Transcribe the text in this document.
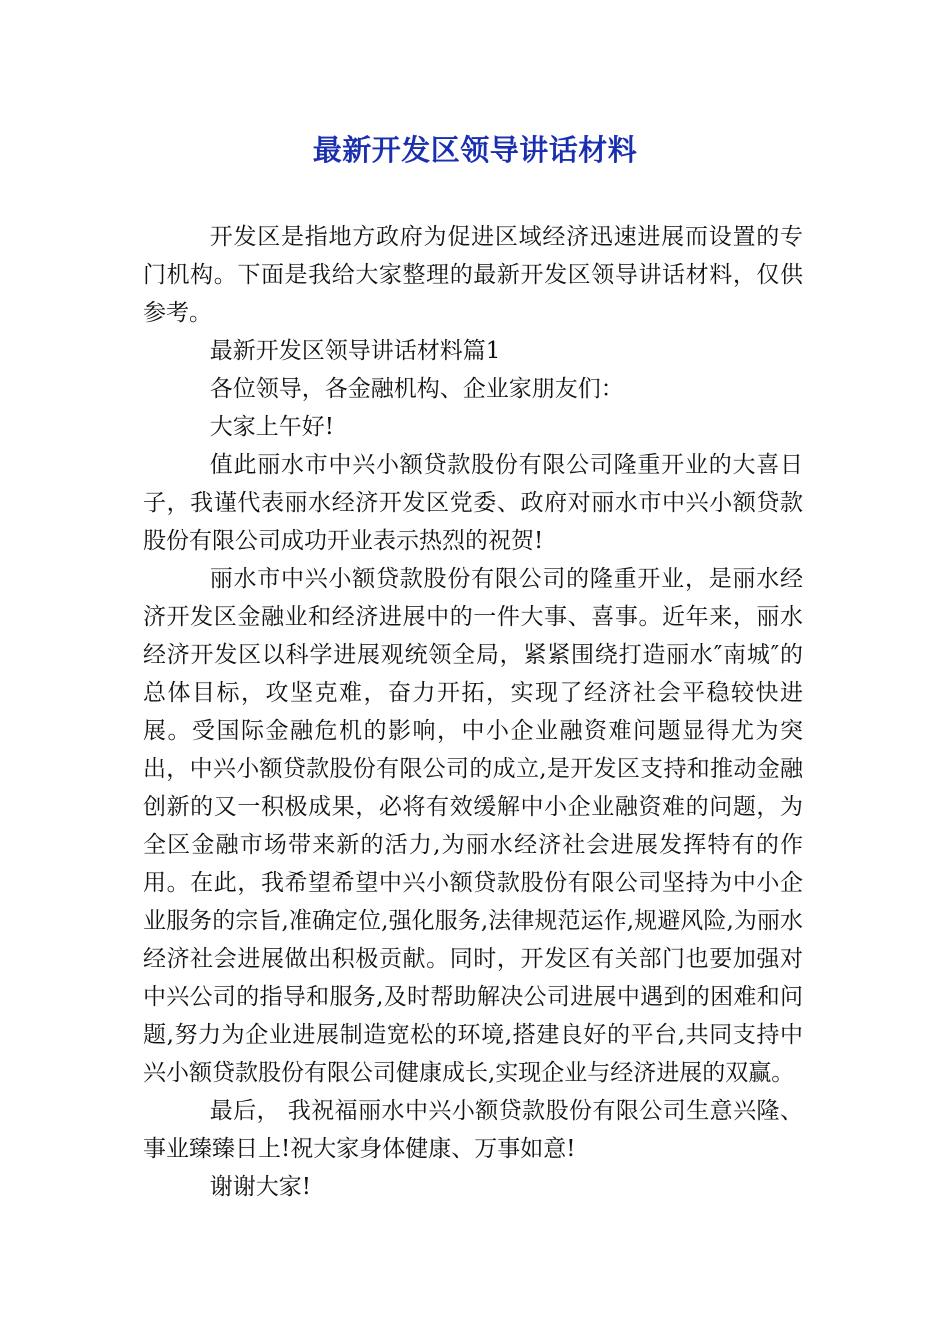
最新开发区领导讲话材料

开发区是指地方政府为促进区域经济迅速进展而设置的专门机构。下面是我给大家整理的最新开发区领导讲话材料，仅供参考。

最新开发区领导讲话材料篇1

各位领导，各金融机构、企业家朋友们：

大家上午好!

值此丽水市中兴小额贷款股份有限公司隆重开业的大喜日子，我谨代表丽水经济开发区党委、政府对丽水市中兴小额贷款股份有限公司成功开业表示热烈的祝贺!

丽水市中兴小额贷款股份有限公司的隆重开业，是丽水经济开发区金融业和经济进展中的一件大事、喜事。近年来，丽水经济开发区以科学进展观统领全局，紧紧围绕打造丽水″南城″的总体目标，攻坚克难，奋力开拓，实现了经济社会平稳较快进展。受国际金融危机的影响，中小企业融资难问题显得尤为突出，中兴小额贷款股份有限公司的成立,是开发区支持和推动金融创新的又一积极成果，必将有效缓解中小企业融资难的问题，为全区金融市场带来新的活力,为丽水经济社会进展发挥特有的作用。在此，我希望希望中兴小额贷款股份有限公司坚持为中小企业服务的宗旨,准确定位,强化服务,法律规范运作,规避风险,为丽水经济社会进展做出积极贡献。同时，开发区有关部门也要加强对中兴公司的指导和服务,及时帮助解决公司进展中遇到的困难和问题,努力为企业进展制造宽松的环境,搭建良好的平台,共同支持中兴小额贷款股份有限公司健康成长,实现企业与经济进展的双赢。

最后， 我祝福丽水中兴小额贷款股份有限公司生意兴隆、事业臻臻日上!祝大家身体健康、万事如意!

谢谢大家!
